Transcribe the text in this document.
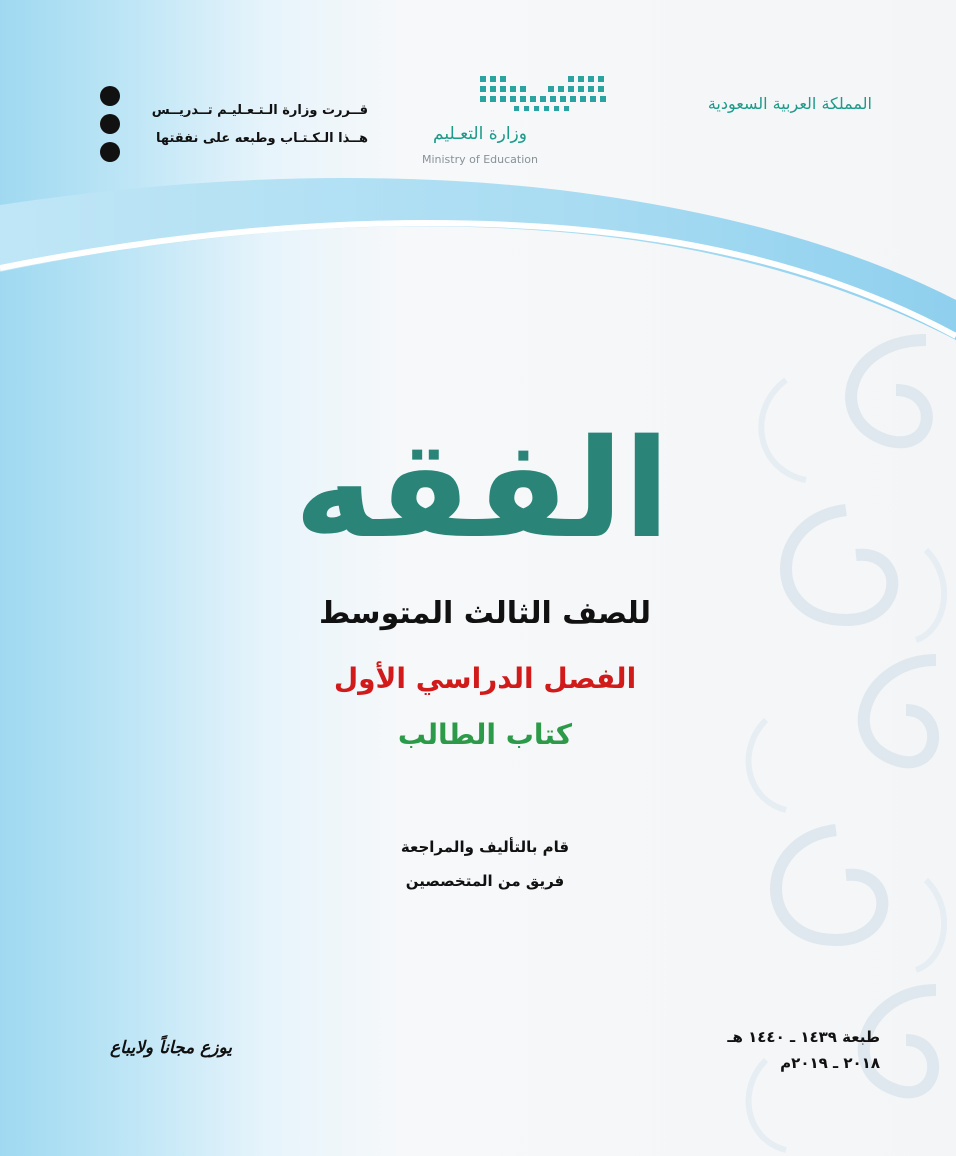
المملكة العربية السعودية
وزارة التعـليم
Ministry of Education
قــررت وزارة الـتـعـليـم تــدريــس
هــذا الـكـتـاب وطبعه على نفقتها
الفقه
للصف الثالث المتوسط
الفصل الدراسي الأول
كتاب الطالب
قام بالتأليف والمراجعة
فريق من المتخصصين
طبعة ١٤٣٩ ـ ١٤٤٠ هـ
٢٠١٨ ـ ٢٠١٩م
يوزع مجاناً ولايباع
